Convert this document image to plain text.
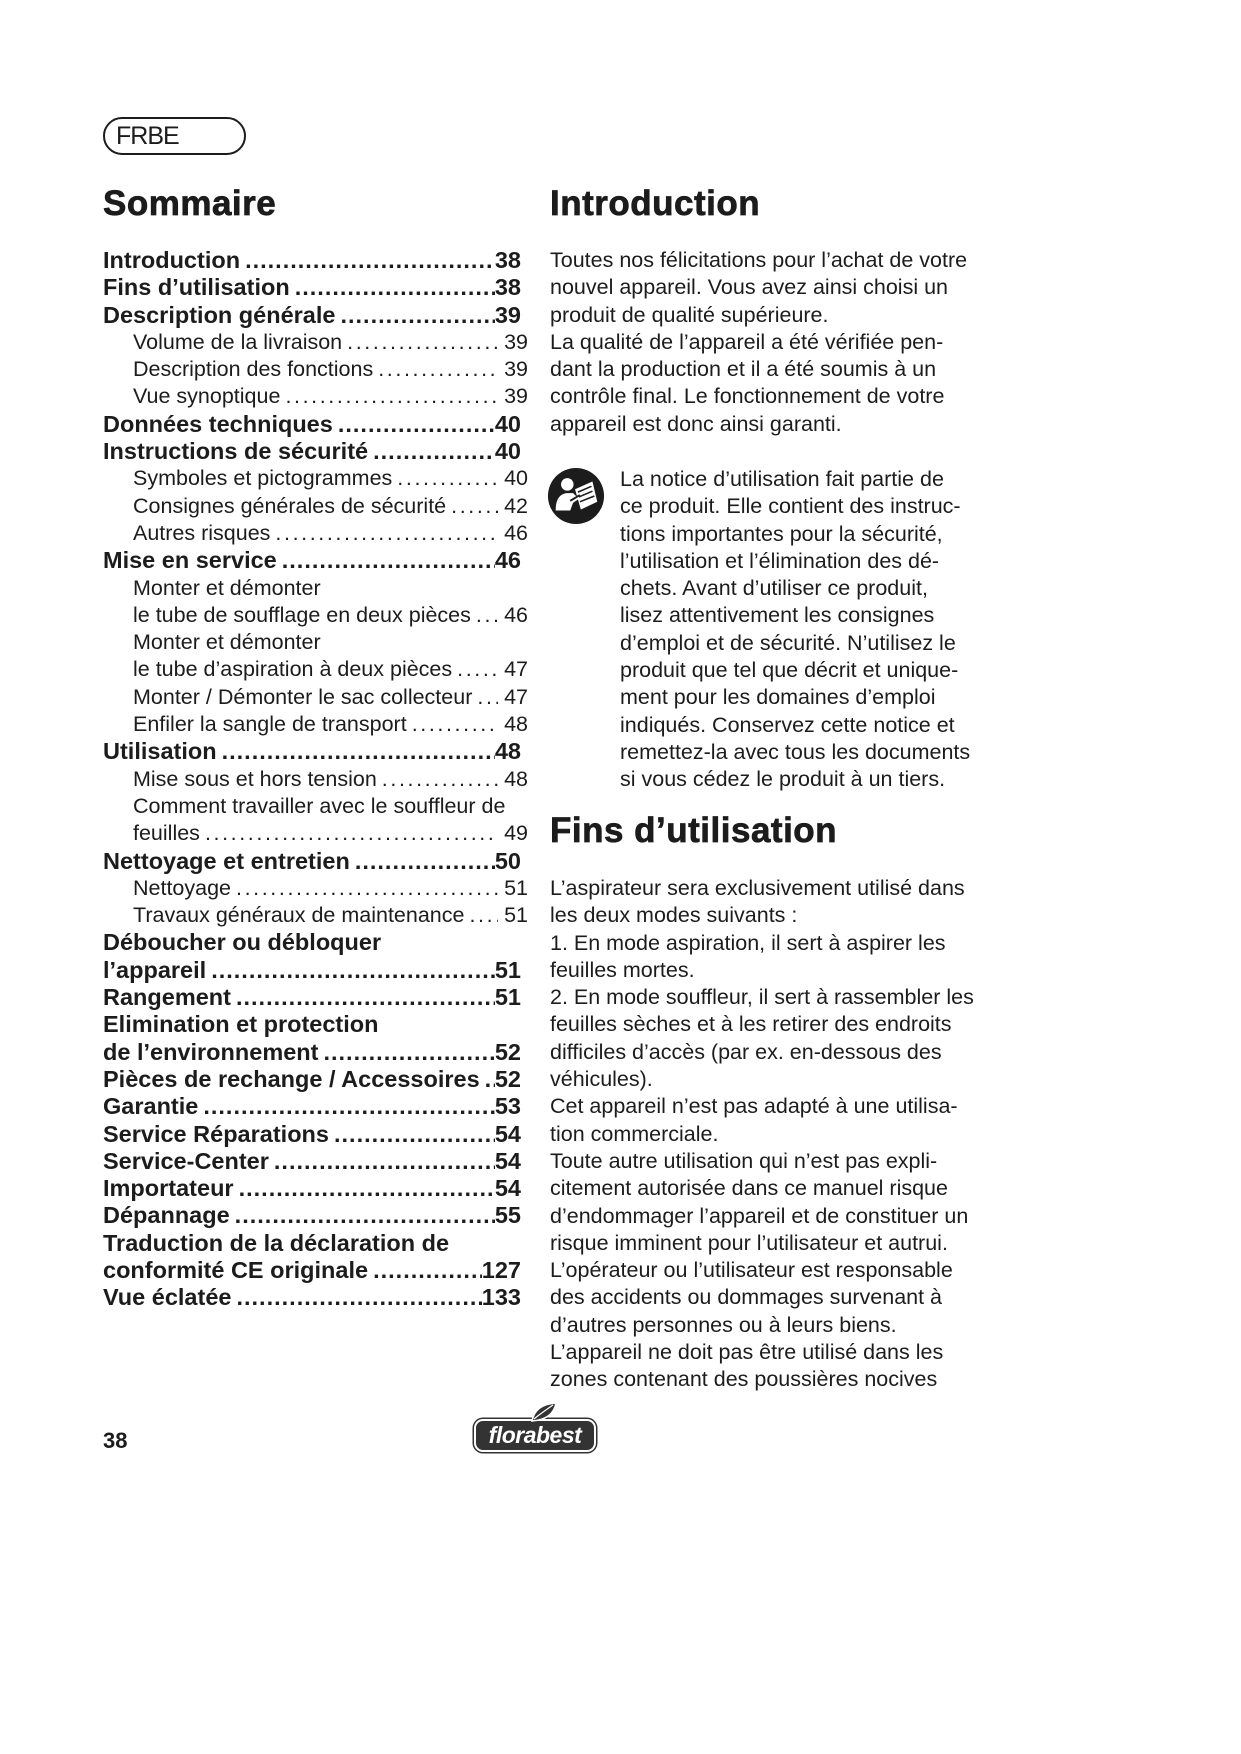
FRBE
Sommaire
Introduction .....	38
Fins d’utilisation .....	38
Description générale .....	39
Volume de la livraison .....	39
Description des fonctions .....	39
Vue synoptique .....	39
Données techniques .....	40
Instructions de sécurité .....	40
Symboles et pictogrammes .....	40
Consignes générales de sécurité .....	42
Autres risques .....	46
Mise en service .....	46
Monter et démonter
le tube de soufflage en deux pièces ..... 46
Monter et démonter
le tube d’aspiration à deux pièces ..... 47
Monter / Démonter le sac collecteur ..... 47
Enfiler la sangle de transport .....	48
Utilisation .....	48
Mise sous et hors tension .....	48
Comment travailler avec le souffleur de
feuilles .....	49
Nettoyage et entretien .....	50
Nettoyage .....	51
Travaux généraux de maintenance ..... 51
Déboucher ou débloquer
l’appareil .....	51
Rangement .....	51
Elimination et protection
de l’environnement .....	52
Pièces de rechange / Accessoires ..... 52
Garantie .....	53
Service Réparations .....	54
Service-Center .....	54
Importateur .....	54
Dépannage .....	55
Traduction de la déclaration de
conformité CE originale .....	127
Vue éclatée .....	133
Introduction
Toutes nos félicitations pour l’achat de votre
nouvel appareil. Vous avez ainsi choisi un
produit de qualité supérieure.
La qualité de l’appareil a été vérifiée pen-
dant la production et il a été soumis à un
contrôle final. Le fonctionnement de votre
appareil est donc ainsi garanti.
La notice d’utilisation fait partie de
ce produit. Elle contient des instruc-
tions importantes pour la sécurité,
l’utilisation et l’élimination des dé-
chets. Avant d’utiliser ce produit,
lisez attentivement les consignes
d’emploi et de sécurité. N’utilisez le
produit que tel que décrit et unique-
ment pour les domaines d’emploi
indiqués. Conservez cette notice et
remettez-la avec tous les documents
si vous cédez le produit à un tiers.
Fins d’utilisation
L’aspirateur sera exclusivement utilisé dans
les deux modes suivants :
1. En mode aspiration, il sert à aspirer les
feuilles mortes.
2. En mode souffleur, il sert à rassembler les
feuilles sèches et à les retirer des endroits
difficiles d’accès (par ex. en-dessous des
véhicules).
Cet appareil n’est pas adapté à une utilisa-
tion commerciale.
Toute autre utilisation qui n’est pas expli-
citement autorisée dans ce manuel risque
d’endommager l’appareil et de constituer un
risque imminent pour l’utilisateur et autrui.
L’opérateur ou l’utilisateur est responsable
des accidents ou dommages survenant à
d’autres personnes ou à leurs biens.
L’appareil ne doit pas être utilisé dans les
zones contenant des poussières nocives
38	florabest
